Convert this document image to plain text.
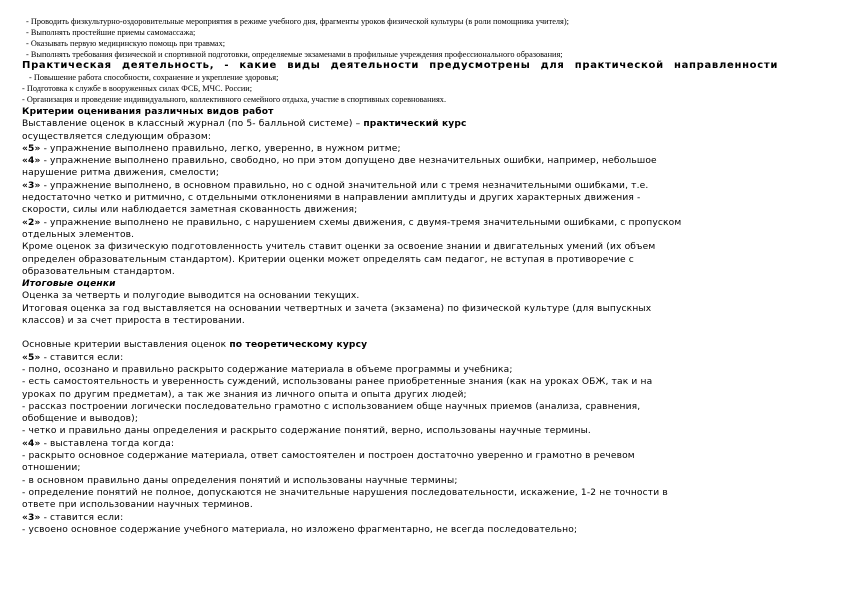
- Проводить физкультурно-оздоровительные мероприятия в режиме учебного дня, фрагменты уроков физической культуры (в роли помощника учителя);
- Выполнять простейшие приемы самомассажа;
- Оказывать первую медицинскую помощь при травмах;
- Выполнять требования физической и спортивной подготовки, определяемые экзаменами в профильные учреждения профессионального образования;
Практическая деятельность, - какие виды деятельности предусмотрены для практической направленности
- Повышение работа способности, сохранение и укрепление здоровья;
- Подготовка к службе в вооруженных силах ФСБ, МЧС. России;
- Организация и проведение индивидуального, коллективного семейного отдыха, участие в спортивных соревнованиях.
Критерии оценивания различных видов работ
Выставление оценок в классный журнал (по 5- балльной системе) – практический курс
осуществляется следующим образом:
«5» - упражнение выполнено правильно, легко, уверенно, в нужном ритме;
«4» - упражнение выполнено правильно, свободно, но при этом допущено две незначительных ошибки, например, небольшое
нарушение ритма движения, смелости;
«3» - упражнение выполнено, в основном правильно, но с одной значительной или с тремя незначительными ошибками, т.е.
недостаточно четко и ритмично, с отдельными отклонениями в направлении амплитуды и других характерных движения -
скорости, силы или наблюдается заметная скованность движения;
«2» - упражнение выполнено не правильно, с нарушением схемы движения, с двумя-тремя значительными ошибками, с пропуском
отдельных элементов.
Кроме оценок за физическую подготовленность учитель ставит оценки за освоение знании и двигательных умений (их объем
определен образовательным стандартом). Критерии оценки может определять сам педагог, не вступая в противоречие с
образовательным стандартом.
Итоговые оценки
Оценка за четверть и полугодие выводится на основании текущих.
Итоговая оценка за год выставляется на основании четвертных и зачета (экзамена) по физической культуре (для выпускных
классов) и за счет прироста в тестировании.
Основные критерии выставления оценок по теоретическому курсу
«5» - ставится если:
- полно, осознано и правильно раскрыто содержание материала в объеме программы и учебника;
- есть самостоятельность и уверенность суждений, использованы ранее приобретенные знания (как на уроках ОБЖ, так и на
уроках по другим предметам), а так же знания из личного опыта и опыта других людей;
- рассказ построении логически последовательно грамотно с использованием обще научных приемов (анализа, сравнения,
обобщение и выводов);
- четко и правильно даны определения и раскрыто содержание понятий, верно, использованы научные термины.
«4» - выставлена тогда когда:
- раскрыто основное содержание материала, ответ самостоятелен и построен достаточно уверенно и грамотно в речевом
отношении;
- в основном правильно даны определения понятий и использованы научные термины;
- определение понятий не полное, допускаются не значительные нарушения последовательности, искажение, 1-2 не точности в
ответе при использовании научных терминов.
«3» - ставится если:
- усвоено основное содержание учебного материала, но изложено фрагментарно, не всегда последовательно;
